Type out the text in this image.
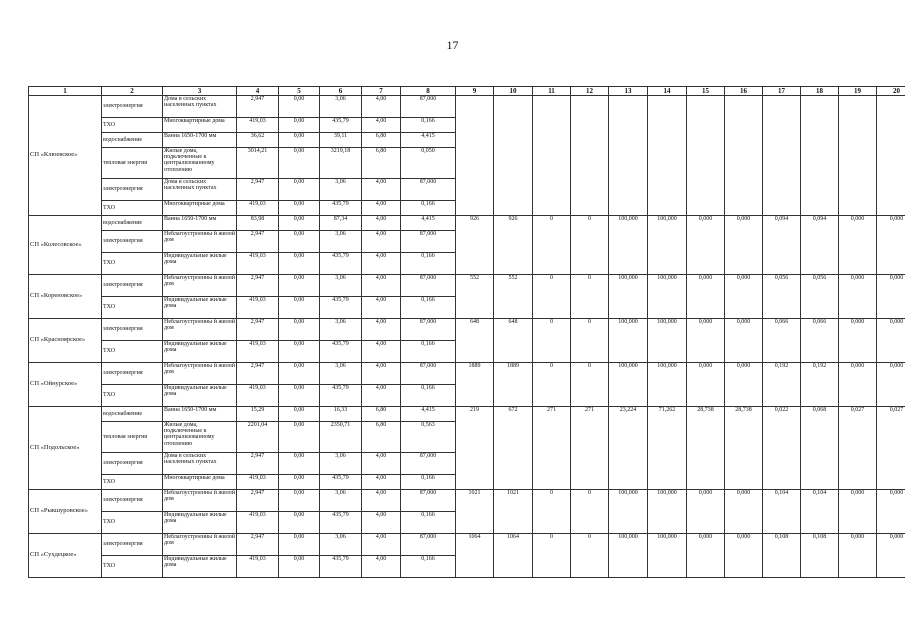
17
1	2	3	4	5	6	7	8	9	10	11	12	13	14	15	16	17	18	19	20	
СП «Клюевское»	электроэнергия	Дома в сельских населенных пунктах	2,947	0,00	3,06	4,00	87,000													
	ТХО	Многоквартирные дома	419,03	0,00	435,79	4,00	0,166													
	водоснабжение	Ванна 1650-1700 мм	36,62	0,00	39,11	6,80	4,415												
	тепловая энергия	Жилые дома, подключенные к централизованному отоплению	3014,21	0,00	3219,18	6,80	0,050													
	электроэнергия	Дома в сельских населенных пунктах	2,947	0,00	3,06	4,00	87,000													
	ТХО	Многоквартирные дома	419,03	0,00	435,79	4,00	0,166													
СП «Колесовское»	водоснабжение	Ванна 1650-1700 мм	83,98	0,00	87,34	4,00	4,415	926	926	0	0	100,000	100,000	0,000	0,000	0,094	0,094	0,000	0,000	
	электроэнергия	Неблагоустроенны й жилой дом	2,947	0,00	3,06	4,00	87,000													
	ТХО	Индивидуальные жилые дома	419,03	0,00	435,79	4,00	0,166													
СП «Кореновское»	электроэнергия	Неблагоустроенны й жилой дом	2,947	0,00	3,06	4,00	87,000	552	552	0	0	100,000	100,000	0,000	0,000	0,056	0,056	0,000	0,000	
	ТХО	Индивидуальные жилые дома	419,03	0,00	435,79	4,00	0,166													
СП «Красноярское»	электроэнергия	Неблагоустроенны й жилой дом	2,947	0,00	3,06	4,00	87,000	648	648	0	0	100,000	100,000	0,000	0,000	0,066	0,066	0,000	0,000	
	ТХО	Индивидуальные жилые дома	419,03	0,00	435,79	4,00	0,166													
СП «Ойнурское»	электроэнергия	Неблагоустроенны й жилой дом	2,947	0,00	3,06	4,00	87,000	1889	1889	0	0	100,000	100,000	0,000	0,000	0,192	0,192	0,000	0,000	
	ТХО	Индивидуальные жилые дома	419,03	0,00	435,79	4,00	0,166													
СП «Подольское»	водоснабжение	Ванна 1650-1700 мм	15,29	0,00	16,33	6,80	4,415	219	672	271	271	23,224	71,262	28,738	28,738	0,022	0,068	0,027	0,027	
	тепловая энергия	Жилые дома, подключенные к централизованному отоплению	2201,04	0,00	2350,71	6,80	0,563													
	электроэнергия	Дома в сельских населенных пунктах	2,947	0,00	3,06	4,00	87,000													
	ТХО	Многоквартирные дома	419,03	0,00	435,79	4,00	0,166													
СП «Рыкшуровское»	электроэнергия	Неблагоустроенны й жилой дом	2,947	0,00	3,06	4,00	87,000	1021	1021	0	0	100,000	100,000	0,000	0,000	0,104	0,104	0,000	0,000	
	ТХО	Индивидуальные жилые дома	419,03	0,00	435,79	4,00	0,166													
СП «Сухдецкое»	электроэнергия	Неблагоустроенны й жилой дом	2,947	0,00	3,06	4,00	87,000	1064	1064	0	0	100,000	100,000	0,000	0,000	0,108	0,108	0,000	0,000	
	ТХО	Индивидуальные жилые дома	419,03	0,00	435,79	4,00	0,166													
